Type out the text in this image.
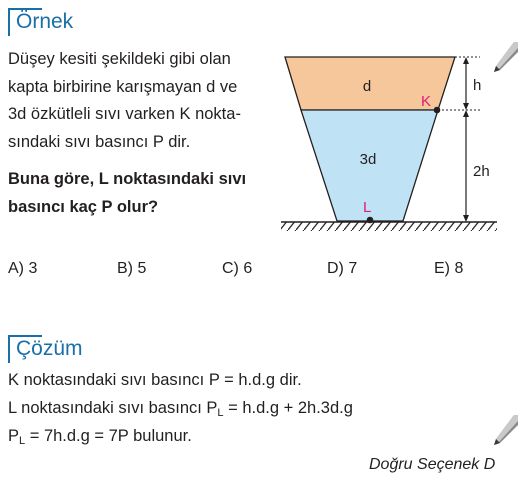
Örnek
Düşey kesiti şekildeki gibi olan
kapta birbirine karışmayan d ve
3d özkütleli sıvı varken K nokta-
sındaki sıvı basıncı P dir.
Buna göre, L noktasındaki sıvı
basıncı kaç P olur?
d
3d
K
L
h
2h
A) 3	B) 5	C) 6	D) 7	E) 8
Çözüm
K noktasındaki sıvı basıncı P = h.d.g dir.
L noktasındaki sıvı basıncı $P_L = h.d.g + 2h.3d.g$
$P_L = 7h.d.g = 7P$ bulunur.
Doğru Seçenek D
